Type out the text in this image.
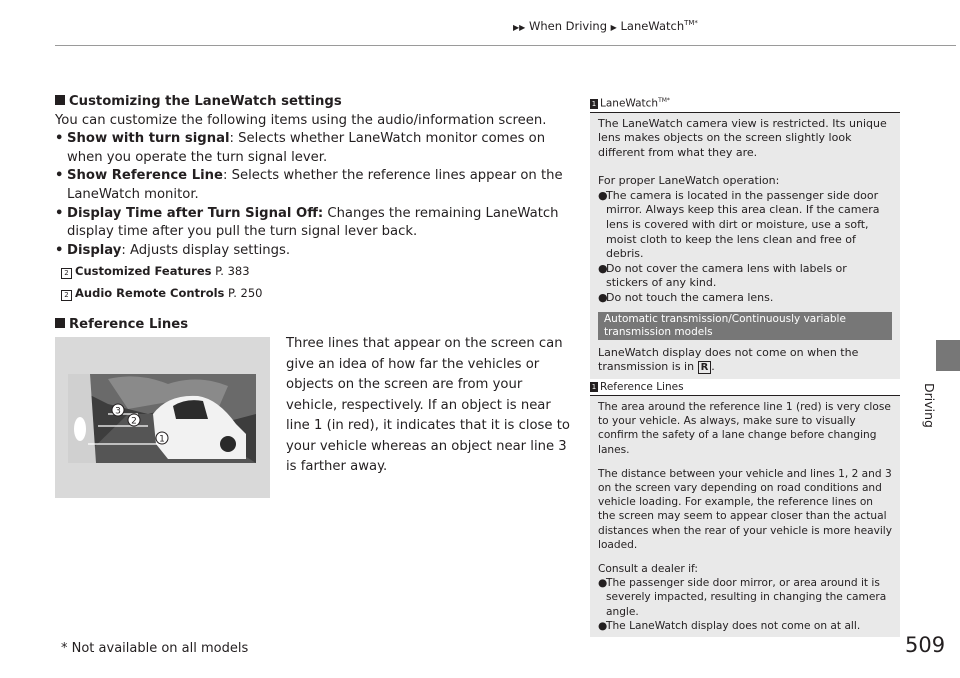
▶▶ When Driving ▶ LaneWatch$^{TM*}$
Driving
Customizing the LaneWatch settings
You can customize the following items using the audio/information screen.
• Show with turn signal: Selects whether LaneWatch monitor comes on when you operate the turn signal lever.
• Show Reference Line: Selects whether the reference lines appear on the LaneWatch monitor.
• Display Time after Turn Signal Off: Changes the remaining LaneWatch display time after you pull the turn signal lever back.
• Display: Adjusts display settings.
2 Customized Features P. 383
2 Audio Remote Controls P. 250
Reference Lines
1
2
3
Three lines that appear on the screen can give an idea of how far the vehicles or objects on the screen are from your vehicle, respectively. If an object is near line 1 (in red), it indicates that it is close to your vehicle whereas an object near line 3 is farther away.
1 LaneWatch$^{TM*}$

The LaneWatch camera view is restricted. Its unique lens makes objects on the screen slightly look different from what they are.

For proper LaneWatch operation:

●
The camera is located in the passenger side door mirror. Always keep this area clean. If the camera lens is covered with dirt or moisture, use a soft, moist cloth to keep the lens clean and free of debris.
●
Do not cover the camera lens with labels or stickers of any kind.
●
Do not touch the camera lens.
Automatic transmission/Continuously variable transmission models

LaneWatch display does not come on when the transmission is in R .

1 Reference Lines

The area around the reference line 1 (red) is very close to your vehicle. As always, make sure to visually confirm the safety of a lane change before changing lanes.

The distance between your vehicle and lines 1, 2 and 3 on the screen vary depending on road conditions and vehicle loading. For example, the reference lines on the screen may seem to appear closer than the actual distances when the rear of your vehicle is more heavily loaded.

Consult a dealer if:

●
The passenger side door mirror, or area around it is severely impacted, resulting in changing the camera angle.
●
The LaneWatch display does not come on at all.
* Not available on all models	509
